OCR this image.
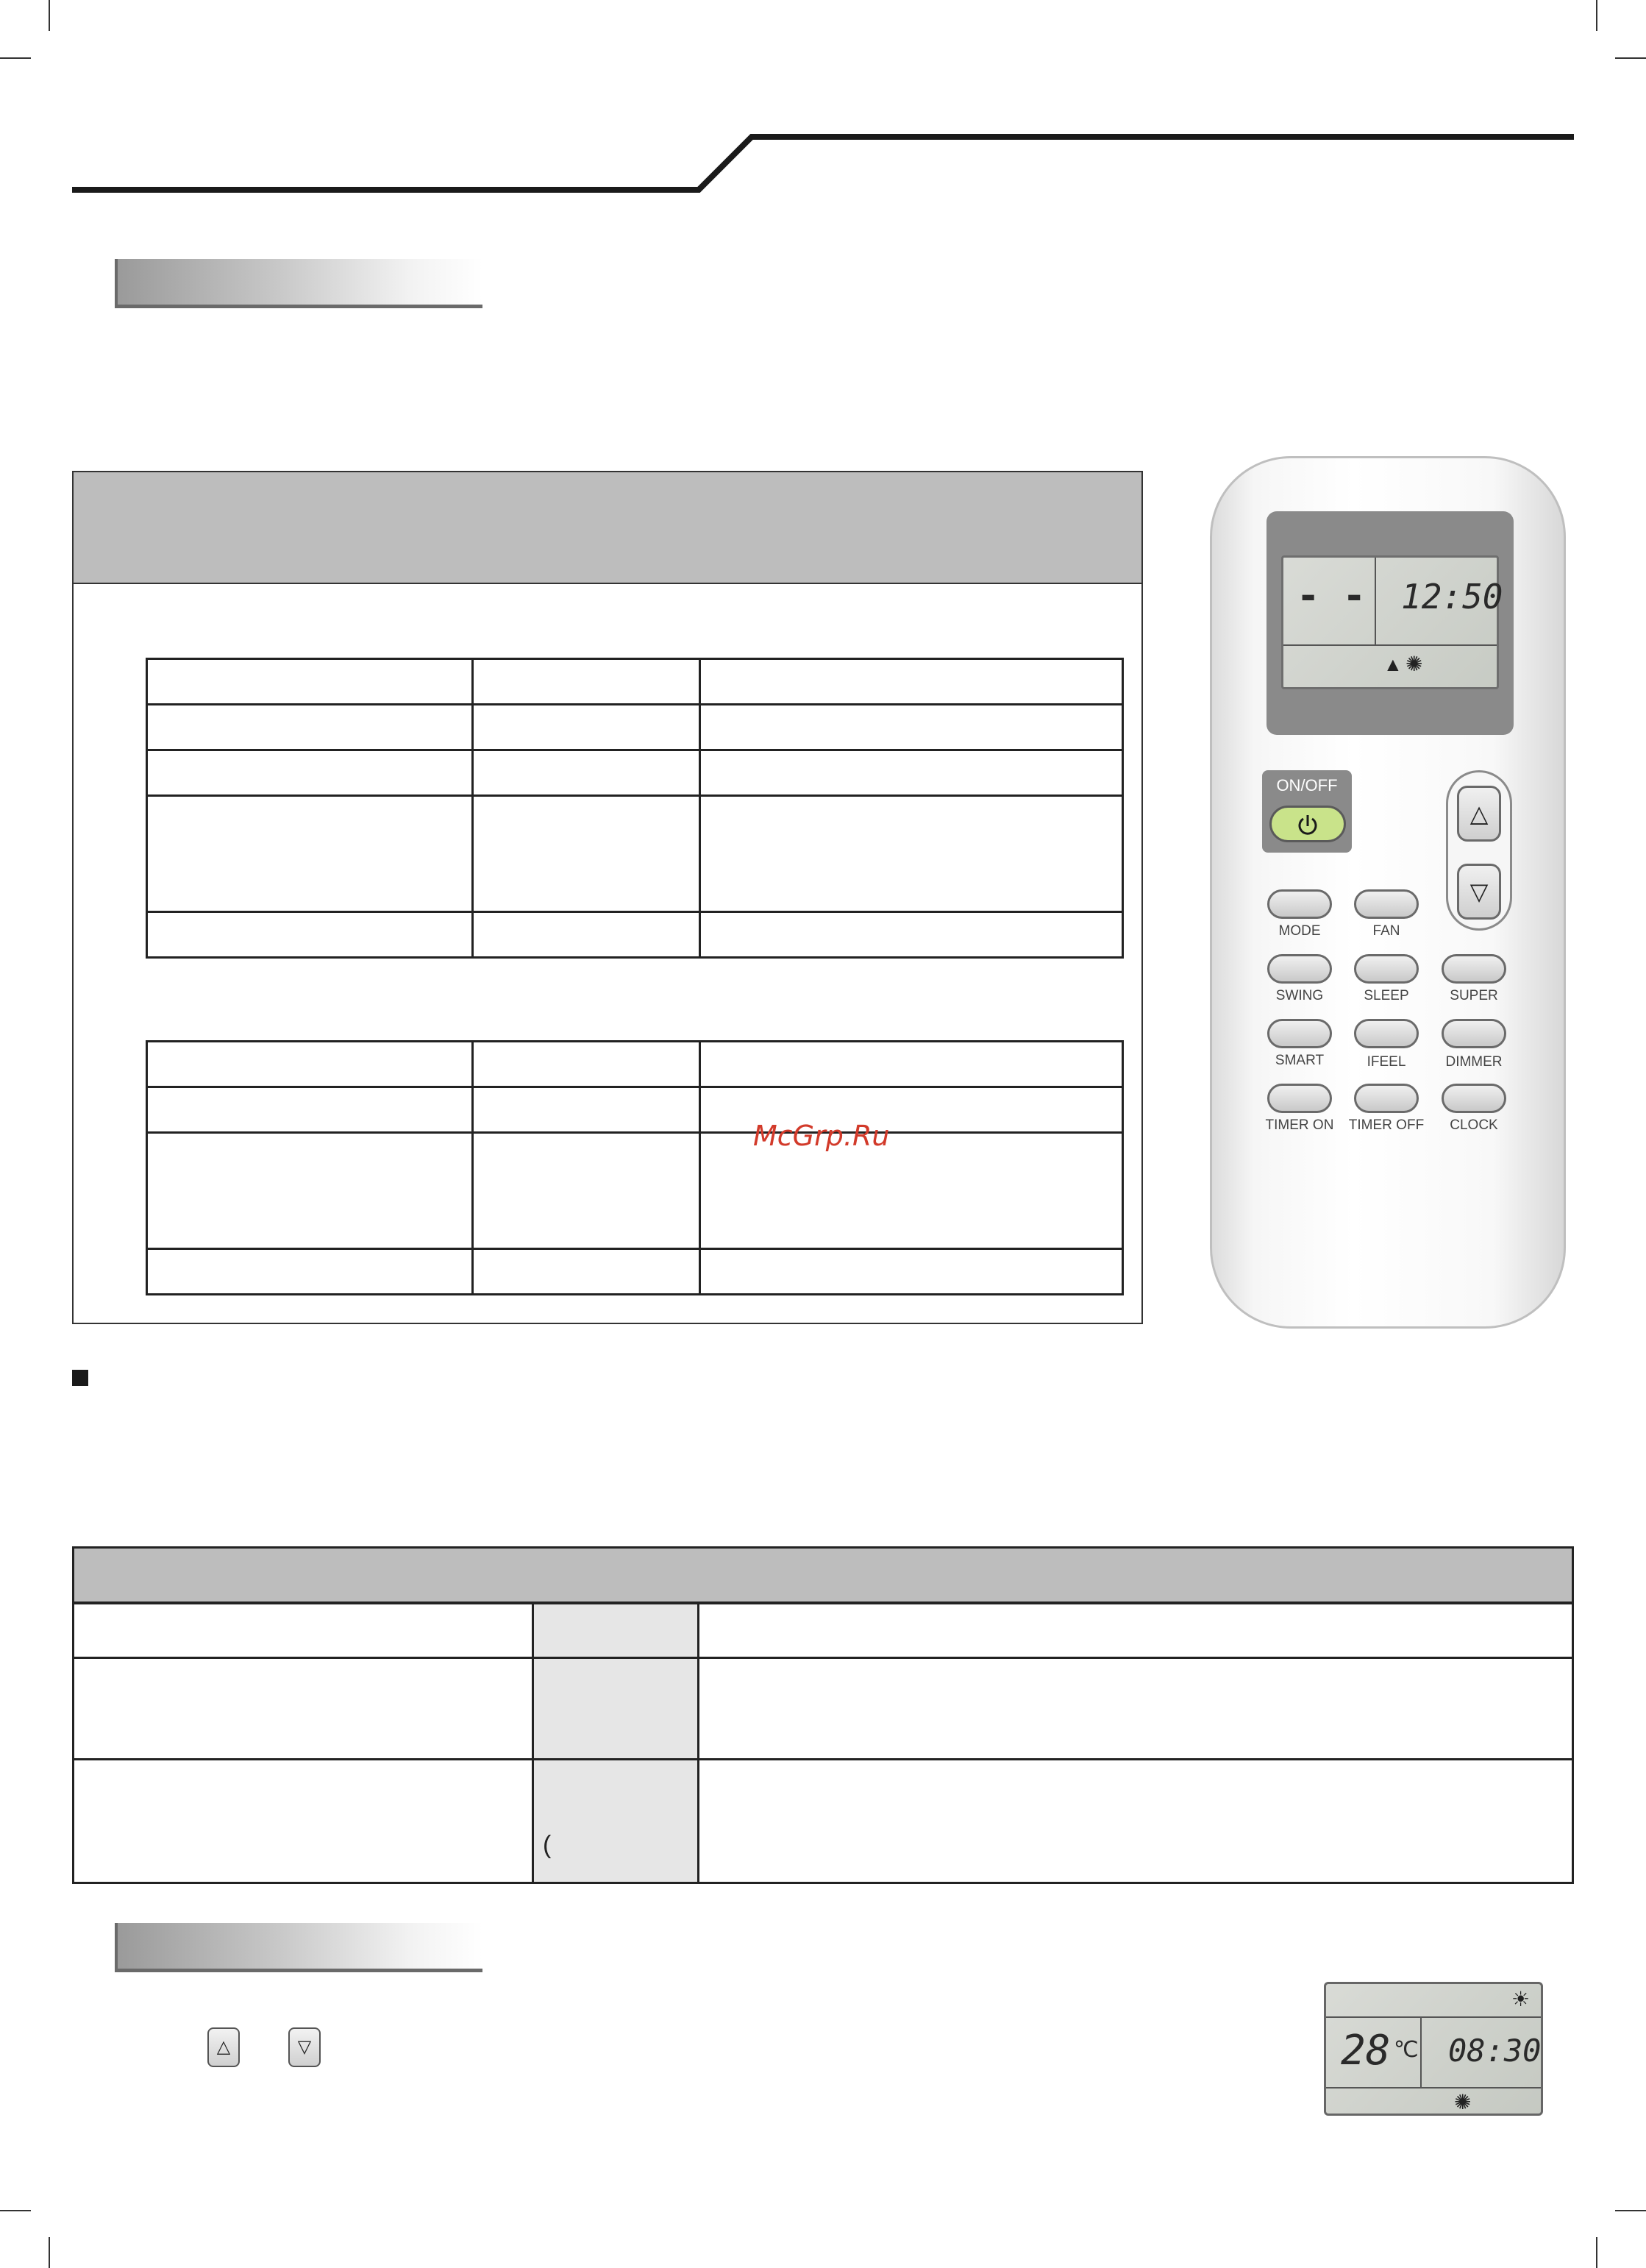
McGrp.Ru
- - 12:50
▲ ✺
ON/OFF
△
▽
MODE	FAN
SWING	SLEEP	SUPER
SMART	IFEEL	DIMMER
TIMER ON	TIMER OFF	CLOCK

	(	

△	▽
☀
28 ℃ 08:30
✺
